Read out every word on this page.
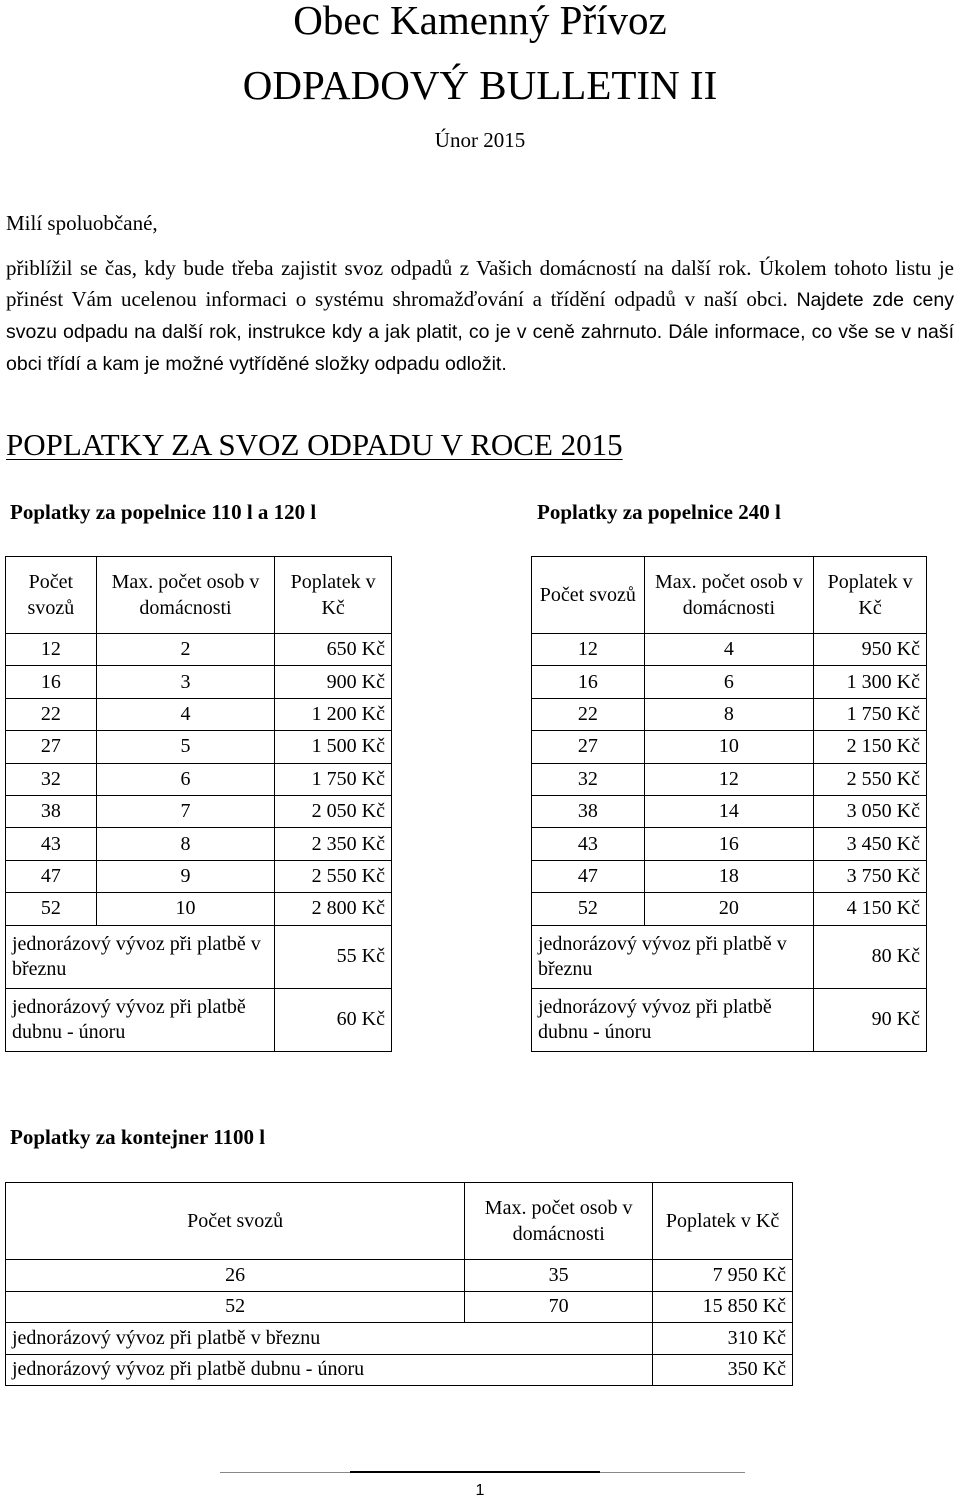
Obec Kamenný Přívoz
ODPADOVÝ BULLETIN II
Únor 2015
Milí spoluobčané,
přiblížil se čas, kdy bude třeba zajistit svoz odpadů z Vašich domácností na další rok. Úkolem tohoto listu je přinést Vám ucelenou informaci o systému shromažďování a třídění odpadů v naší obci. Najdete zde ceny svozu odpadu na další rok, instrukce kdy a jak platit, co je v ceně zahrnuto. Dále informace, co vše se v naší obci třídí a kam je možné vytříděné složky odpadu odložit.
POPLATKY ZA SVOZ ODPADU V ROCE 2015
Poplatky za popelnice 110 l a 120 l
Počet svozů	Max. počet osob v domácnosti	Poplatek v Kč
12	2	650 Kč
16	3	900 Kč
22	4	1 200 Kč
27	5	1 500 Kč
32	6	1 750 Kč
38	7	2 050 Kč
43	8	2 350 Kč
47	9	2 550 Kč
52	10	2 800 Kč
jednorázový vývoz při platbě v březnu		55 Kč
jednorázový vývoz při platbě dubnu - únoru		60 Kč
Poplatky za popelnice 240 l
Počet svozů	Max. počet osob v domácnosti	Poplatek v Kč
12	4	950 Kč
16	6	1 300 Kč
22	8	1 750 Kč
27	10	2 150 Kč
32	12	2 550 Kč
38	14	3 050 Kč
43	16	3 450 Kč
47	18	3 750 Kč
52	20	4 150 Kč
jednorázový vývoz při platbě v březnu		80 Kč
jednorázový vývoz při platbě dubnu - únoru		90 Kč
Poplatky za kontejner 1100 l
Počet svozů	Max. počet osob v domácnosti	Poplatek v Kč
26	35	7 950 Kč
52	70	15 850 Kč
jednorázový vývoz při platbě v březnu		310 Kč
jednorázový vývoz při platbě dubnu - únoru		350 Kč
1
